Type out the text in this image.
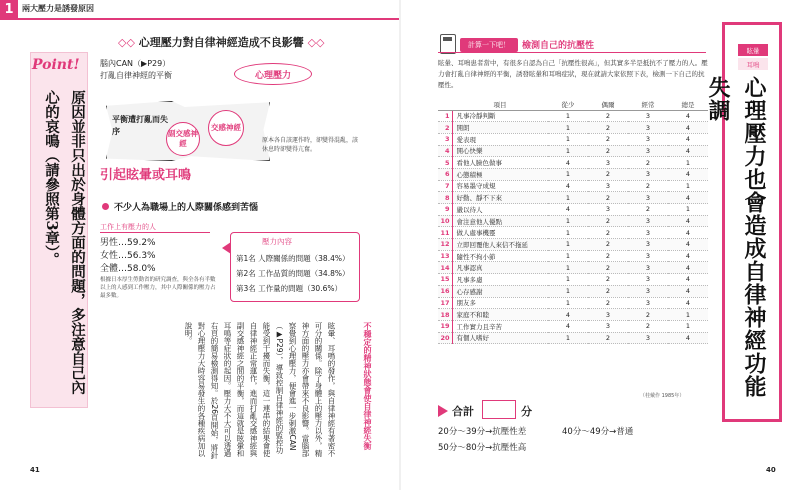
1	兩大壓力是誘發原因
Point!
原因並非只出於身體方面的問題，多注意自己內心的哀鳴（請參照第3章）。
◇◇ 心理壓力對自律神經造成不良影響 ◇◇
腦內CAN（▶P29）
打亂自律神經的平衡	心理壓力
平衡遭打亂而失序	副交感神經
交感神經
原本各自該運作時，卻變得混亂，該休息時卻變得亢奮。
引起眩暈或耳鳴
不少人為職場上的人際關係感到苦惱
工作上有壓力的人
男性…59.2%
女性…56.3%
全體…58.0%
根據日本厚生勞動省的研究調查，與全各有半數以上的人感到工作壓力，其中人際關係的壓力占最多數。
壓力內容
第1名 人際關係的問題（38.4%）
第2名 工作品質的問題（34.8%）
第3名 工作量的問題（30.6%）
不穩定的精神狀態會使自律神經失衡
眩暈、耳鳴的發作，與自律神經有著密不可分的關係。除了身體上的壓力以外，精神方面的壓力亦會帶來不良影響。當腦部察覺到心理壓力，便會進一步刺激CAN（▶P29），導致控制自律神經的監控功能受到干擾而失衡，這一連串的結果會使自律神經正常運作，進而打亂交感神經與副交感神經之間的平衡，而這就是眩暈和耳鳴等症狀的起因。壓力大不大可以透過右頁的簡易檢測得知。於26頁開始，將針對心理壓力大時容易發生的各種疾病加以說明。
41
計算一下吧！	檢測自己的抗壓性
眩暈、耳鳴患者當中，有很多自認為自己「抗壓性很高」，但其實多半是抵抗不了壓力的人。壓力會打亂自律神經的平衡，誘發眩暈和耳鳴症狀，現在就請大家依照下表，檢測一下自己的抗壓性。
	項目	從少	偶爾	經常	總是
1	凡事冷靜判斷	1	2	3	4
2	開朗	1	2	3	4
3	愛表現	1	2	3	4
4	開心快樂	1	2	3	4
5	看他人臉色做事	4	3	2	1
6	心態積極	1	2	3	4
7	容易墨守成規	4	3	2	1
8	好勤、靜不下來	1	2	3	4
9	嚴以待人	4	3	2	1
10	會注意他人優點	1	2	3	4
11	做人處事機靈	1	2	3	4
12	立即回覆他人來信不拖延	1	2	3	4
13	隨性不拘小節	1	2	3	4
14	凡事認真	1	2	3	4
15	凡事多慮	1	2	3	4
16	心存感謝	1	2	3	4
17	朋友多	1	2	3	4
18	家庭不和睦	4	3	2	1
19	工作實力且辛苦	4	3	2	1
20	有個人嗜好	1	2	3	4
（桂戴作 1985年）
合計	分
20分～39分→抗壓性差	40分～49分→普通
50分～80分→抗壓性高
眩暈
耳鳴
心理壓力也會造成自律神經功能失調
40
